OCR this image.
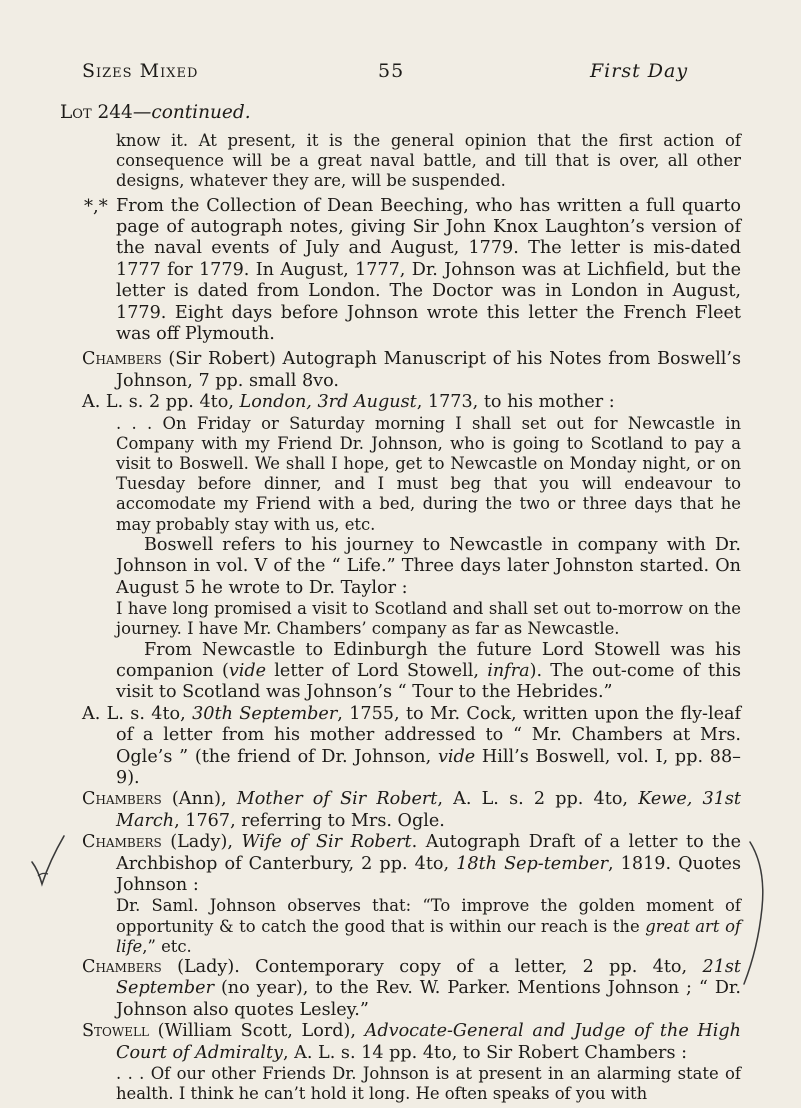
Sizes Mixed	55	First Day
Lot 244—continued.

know it. At present, it is the general opinion that the first action of consequence will be a great naval battle, and till that is over, all other designs, whatever they are, will be suspended.

*,* From the Collection of Dean Beeching, who has written a full quarto page of autograph notes, giving Sir John Knox Laughton’s version of the naval events of July and August, 1779. The letter is mis-dated 1777 for 1779. In August, 1777, Dr. Johnson was at Lichfield, but the letter is dated from London. The Doctor was in London in August, 1779. Eight days before Johnson wrote this letter the French Fleet was off Plymouth.

Chambers (Sir Robert) Autograph Manuscript of his Notes from Boswell’s Johnson, 7 pp. small 8vo.

A. L. s. 2 pp. 4to, London, 3rd August, 1773, to his mother :

. . . On Friday or Saturday morning I shall set out for Newcastle in Company with my Friend Dr. Johnson, who is going to Scotland to pay a visit to Boswell. We shall I hope, get to Newcastle on Monday night, or on Tuesday before dinner, and I must beg that you will endeavour to accomodate my Friend with a bed, during the two or three days that he may probably stay with us, etc.

Boswell refers to his journey to Newcastle in company with Dr. Johnson in vol. V of the “ Life.” Three days later Johnston started. On August 5 he wrote to Dr. Taylor :

I have long promised a visit to Scotland and shall set out to-morrow on the journey. I have Mr. Chambers’ company as far as Newcastle.

From Newcastle to Edinburgh the future Lord Stowell was his companion (vide letter of Lord Stowell, infra). The out-come of this visit to Scotland was Johnson’s “ Tour to the Hebrides.”

A. L. s. 4to, 30th September, 1755, to Mr. Cock, written upon the fly-leaf of a letter from his mother addressed to “ Mr. Chambers at Mrs. Ogle’s ” (the friend of Dr. Johnson, vide Hill’s Boswell, vol. I, pp. 88–9).

Chambers (Ann), Mother of Sir Robert, A. L. s. 2 pp. 4to, Kewe, 31st March, 1767, referring to Mrs. Ogle.

Chambers (Lady), Wife of Sir Robert. Autograph Draft of a letter to the Archbishop of Canterbury, 2 pp. 4to, 18th Sep-tember, 1819. Quotes Johnson :

Dr. Saml. Johnson observes that: “To improve the golden moment of opportunity & to catch the good that is within our reach is the great art of life,” etc.

Chambers (Lady). Contemporary copy of a letter, 2 pp. 4to, 21st September (no year), to the Rev. W. Parker. Mentions Johnson ; “ Dr. Johnson also quotes Lesley.”

Stowell (William Scott, Lord), Advocate-General and Judge of the High Court of Admiralty, A. L. s. 14 pp. 4to, to Sir Robert Chambers :

. . . Of our other Friends Dr. Johnson is at present in an alarming state of health. I think he can’t hold it long. He often speaks of you with
